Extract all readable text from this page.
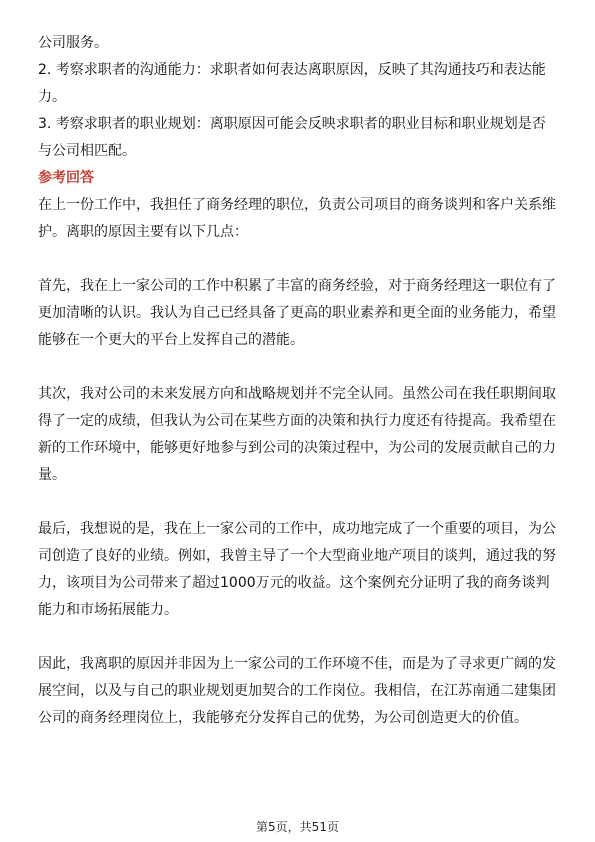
公司服务。

2. 考察求职者的沟通能力：求职者如何表达离职原因，反映了其沟通技巧和表达能力。

3. 考察求职者的职业规划：离职原因可能会反映求职者的职业目标和职业规划是否与公司相匹配。

参考回答

在上一份工作中，我担任了商务经理的职位，负责公司项目的商务谈判和客户关系维护。离职的原因主要有以下几点：

首先，我在上一家公司的工作中积累了丰富的商务经验，对于商务经理这一职位有了更加清晰的认识。我认为自己已经具备了更高的职业素养和更全面的业务能力，希望能够在一个更大的平台上发挥自己的潜能。

其次，我对公司的未来发展方向和战略规划并不完全认同。虽然公司在我任职期间取得了一定的成绩，但我认为公司在某些方面的决策和执行力度还有待提高。我希望在新的工作环境中，能够更好地参与到公司的决策过程中，为公司的发展贡献自己的力量。

最后，我想说的是，我在上一家公司的工作中，成功地完成了一个重要的项目，为公司创造了良好的业绩。例如，我曾主导了一个大型商业地产项目的谈判，通过我的努力，该项目为公司带来了超过1000万元的收益。这个案例充分证明了我的商务谈判能力和市场拓展能力。

因此，我离职的原因并非因为上一家公司的工作环境不佳，而是为了寻求更广阔的发展空间，以及与自己的职业规划更加契合的工作岗位。我相信，在江苏南通二建集团公司的商务经理岗位上，我能够充分发挥自己的优势，为公司创造更大的价值。

第5页，共51页
